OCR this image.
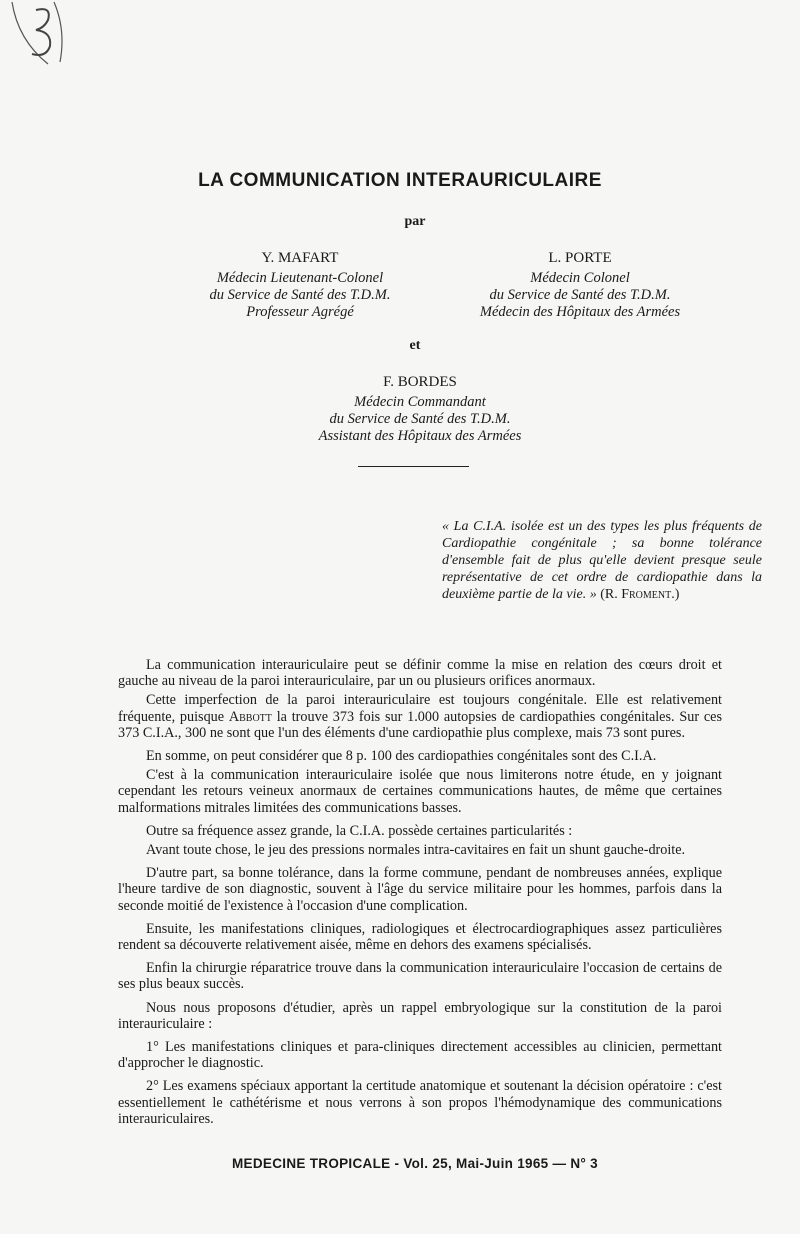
LA COMMUNICATION INTERAURICULAIRE
par
Y. MAFART
Médecin Lieutenant-Colonel
du Service de Santé des T.D.M.
Professeur Agrégé
L. PORTE
Médecin Colonel
du Service de Santé des T.D.M.
Médecin des Hôpitaux des Armées
et
F. BORDES
Médecin Commandant
du Service de Santé des T.D.M.
Assistant des Hôpitaux des Armées
« La C.I.A. isolée est un des types les plus fréquents de Cardiopathie congénitale ; sa bonne tolérance d'ensemble fait de plus qu'elle devient presque seule représentative de cet ordre de cardiopathie dans la deuxième partie de la vie. » (R. Froment.)

La communication interauriculaire peut se définir comme la mise en relation des cœurs droit et gauche au niveau de la paroi interauriculaire, par un ou plusieurs orifices anormaux.

Cette imperfection de la paroi interauriculaire est toujours congénitale. Elle est relativement fréquente, puisque Abbott la trouve 373 fois sur 1.000 autopsies de cardiopathies congénitales. Sur ces 373 C.I.A., 300 ne sont que l'un des éléments d'une cardiopathie plus complexe, mais 73 sont pures.

En somme, on peut considérer que 8 p. 100 des cardiopathies congénitales sont des C.I.A.

C'est à la communication interauriculaire isolée que nous limiterons notre étude, en y joignant cependant les retours veineux anormaux de certaines communications hautes, de même que certaines malformations mitrales limitées des communications basses.

Outre sa fréquence assez grande, la C.I.A. possède certaines particularités :

Avant toute chose, le jeu des pressions normales intra-cavitaires en fait un shunt gauche-droite.

D'autre part, sa bonne tolérance, dans la forme commune, pendant de nombreuses années, explique l'heure tardive de son diagnostic, souvent à l'âge du service militaire pour les hommes, parfois dans la seconde moitié de l'existence à l'occasion d'une complication.

Ensuite, les manifestations cliniques, radiologiques et électrocardiographiques assez particulières rendent sa découverte relativement aisée, même en dehors des examens spécialisés.

Enfin la chirurgie réparatrice trouve dans la communication interauriculaire l'occasion de certains de ses plus beaux succès.

Nous nous proposons d'étudier, après un rappel embryologique sur la constitution de la paroi interauriculaire :

1° Les manifestations cliniques et para-cliniques directement accessibles au clinicien, permettant d'approcher le diagnostic.

2° Les examens spéciaux apportant la certitude anatomique et soutenant la décision opératoire : c'est essentiellement le cathétérisme et nous verrons à son propos l'hémodynamique des communications interauriculaires.

MEDECINE TROPICALE - Vol. 25, Mai-Juin 1965 — N° 3
